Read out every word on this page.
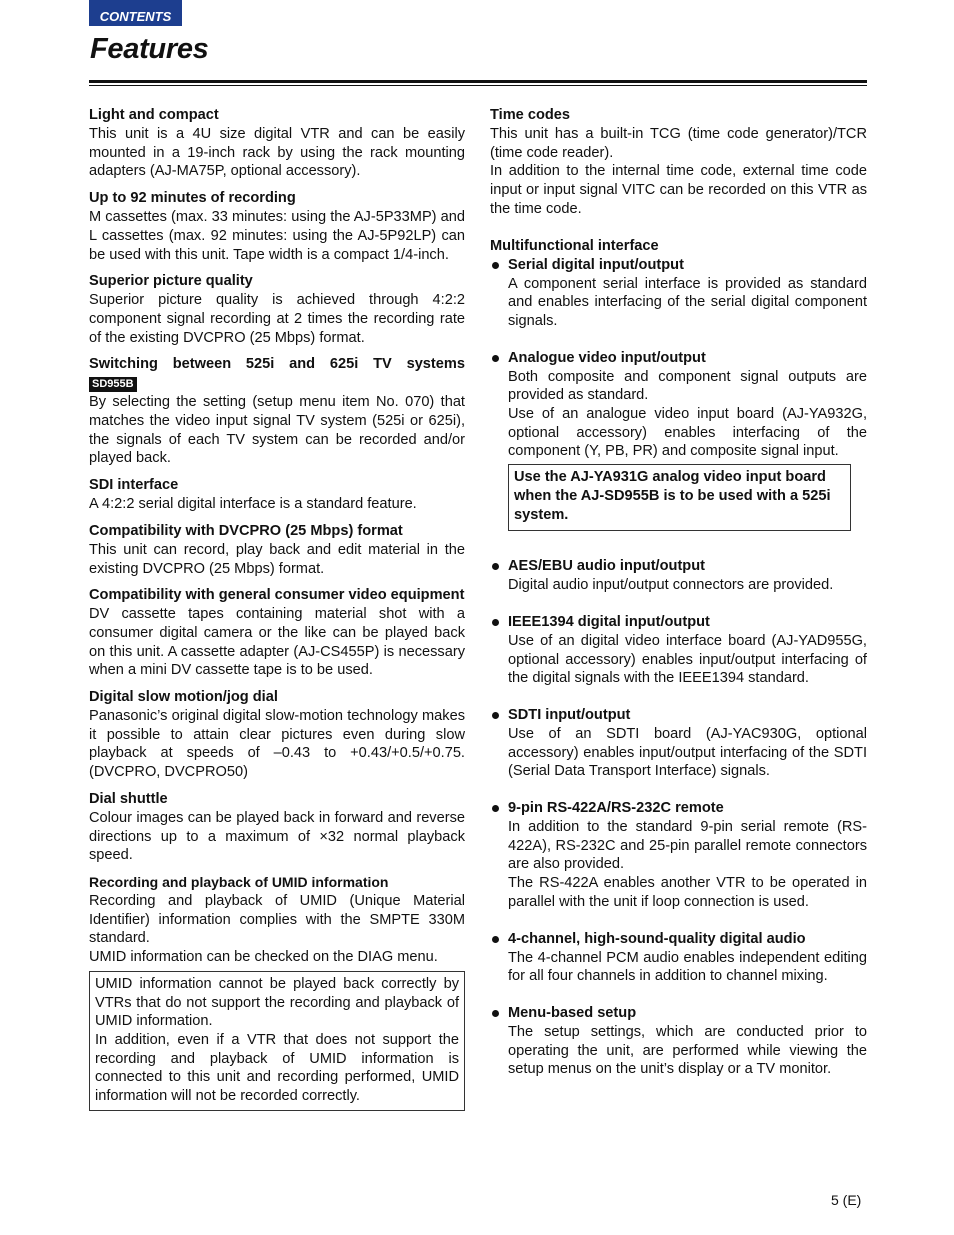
CONTENTS
Features
Light and compact

This unit is a 4U size digital VTR and can be easily mounted in a 19-inch rack by using the rack mounting adapters (AJ-MA75P, optional accessory).

Up to 92 minutes of recording

M cassettes (max. 33 minutes: using the AJ-5P33MP) and L cassettes (max. 92 minutes: using the AJ-5P92LP) can be used with this unit. Tape width is a compact 1/4-inch.

Superior picture quality

Superior picture quality is achieved through 4:2:2 component signal recording at 2 times the recording rate of the existing DVCPRO (25 Mbps) format.

Switching between 525i and 625i TV systems
SD955B

By selecting the setting (setup menu item No. 070) that matches the video input signal TV system (525i or 625i), the signals of each TV system can be recorded and/or played back.

SDI interface

A 4:2:2 serial digital interface is a standard feature.

Compatibility with DVCPRO (25 Mbps) format

This unit can record, play back and edit material in the existing DVCPRO (25 Mbps) format.

Compatibility with general consumer video equipment

DV cassette tapes containing material shot with a consumer digital camera or the like can be played back on this unit. A cassette adapter (AJ-CS455P) is necessary when a mini DV cassette tape is to be used.

Digital slow motion/jog dial

Panasonic’s original digital slow-motion technology makes it possible to attain clear pictures even during slow playback at speeds of –0.43 to +0.43/+0.5/+0.75. (DVCPRO, DVCPRO50)

Dial shuttle

Colour images can be played back in forward and reverse directions up to a maximum of ×32 normal playback speed.

Recording and playback of UMID information

Recording and playback of UMID (Unique Material Identifier) information complies with the SMPTE 330M standard.

UMID information can be checked on the DIAG menu.

UMID information cannot be played back correctly by VTRs that do not support the recording and playback of UMID information.

In addition, even if a VTR that does not support the recording and playback of UMID information is connected to this unit and recording performed, UMID information will not be recorded correctly.

Time codes

This unit has a built-in TCG (time code generator)/TCR (time code reader).

In addition to the internal time code, external time code input or input signal VITC can be recorded on this VTR as the time code.

Multifunctional interface
Serial digital input/output

A component serial interface is provided as standard and enables interfacing of the serial digital component signals.

Analogue video input/output

Both composite and component signal outputs are provided as standard.

Use of an analogue video input board (AJ-YA932G, optional accessory) enables interfacing of the component (Y, PB, PR) and composite signal input.

Use the AJ-YA931G analog video input board when the AJ-SD955B is to be used with a 525i system.
AES/EBU audio input/output

Digital audio input/output connectors are provided.

IEEE1394 digital input/output

Use of an digital video interface board (AJ-YAD955G, optional accessory) enables input/output interfacing of the digital signals with the IEEE1394 standard.

SDTI input/output

Use of an SDTI board (AJ-YAC930G, optional accessory) enables input/output interfacing of the SDTI (Serial Data Transport Interface) signals.

9-pin RS-422A/RS-232C remote

In addition to the standard 9-pin serial remote (RS-422A), RS-232C and 25-pin parallel remote connectors are also provided.

The RS-422A enables another VTR to be operated in parallel with the unit if loop connection is used.

4-channel, high-sound-quality digital audio

The 4-channel PCM audio enables independent editing for all four channels in addition to channel mixing.

Menu-based setup

The setup settings, which are conducted prior to operating the unit, are performed while viewing the setup menus on the unit’s display or a TV monitor.

5 (E)
